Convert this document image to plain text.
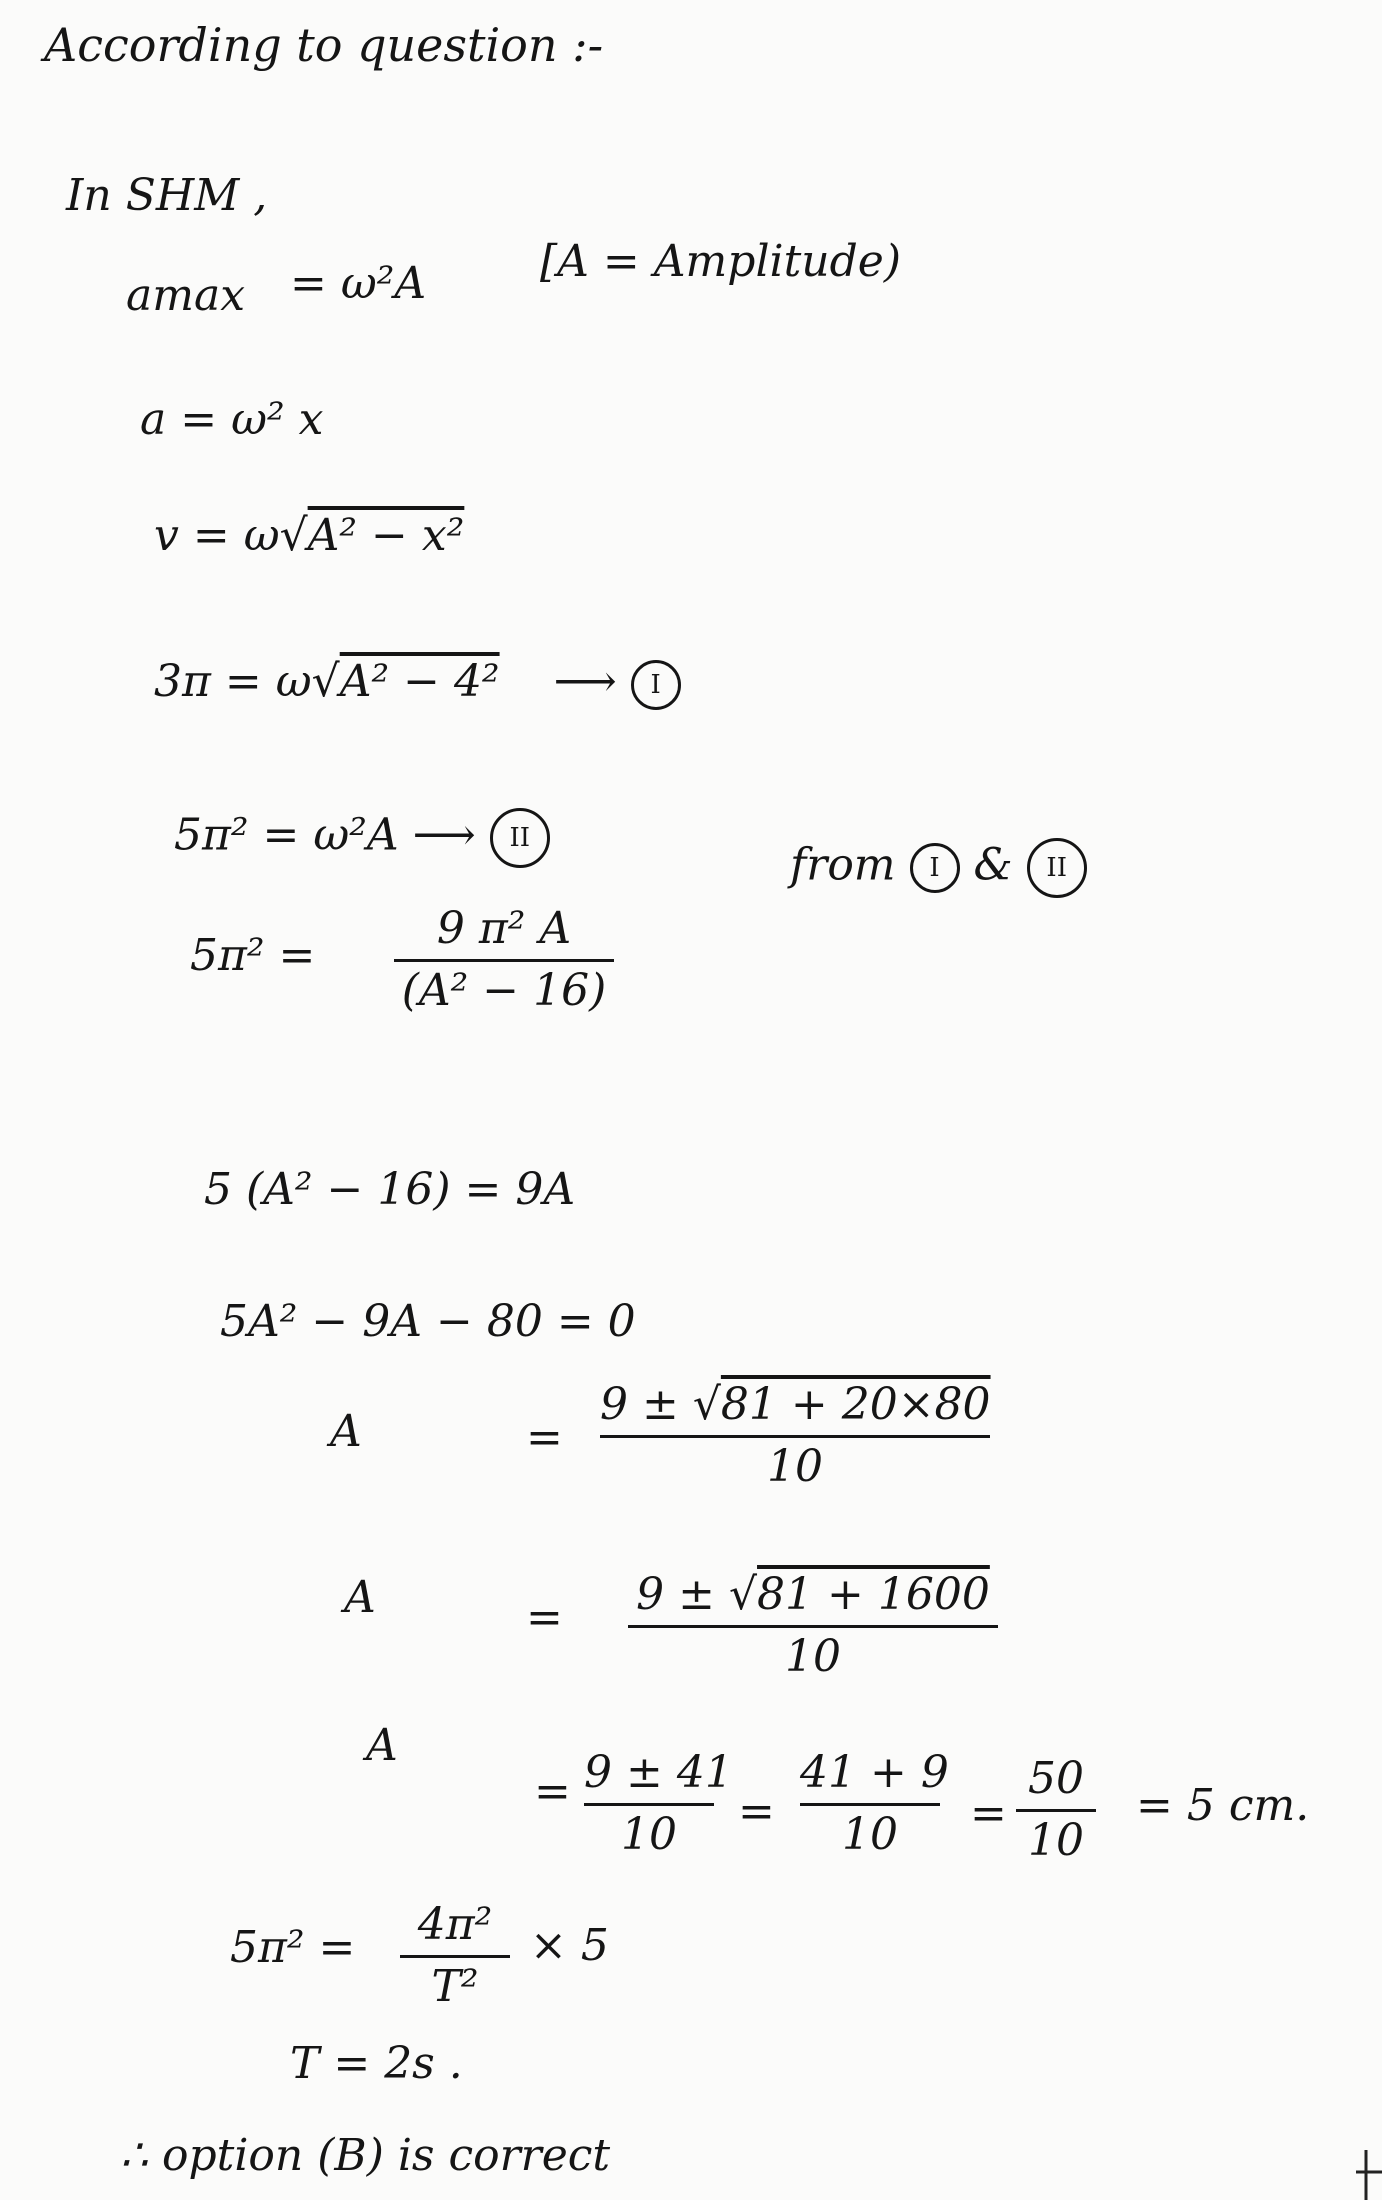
According to question :-
In SHM ,
amax = ω²A	[A = Amplitude)
a = ω² x
v = ω√A² − x²
3π = ω√A² − 4² ⟶ I
5π² = ω²A ⟶ II
from I & II
5π² =
9 π² A
(A² − 16)
5 (A² − 16) = 9A
5A² − 9A − 80 = 0
A	=
9 ± √81 + 20×80
10
A	= 9 ± √81 + 1600
10
A
= 9 ± 41
10	=
41 + 9
10	=
50
10
= 5 cm.
5π² =	4π²
T²
× 5
T = 2s .
∴ option (B) is correct
